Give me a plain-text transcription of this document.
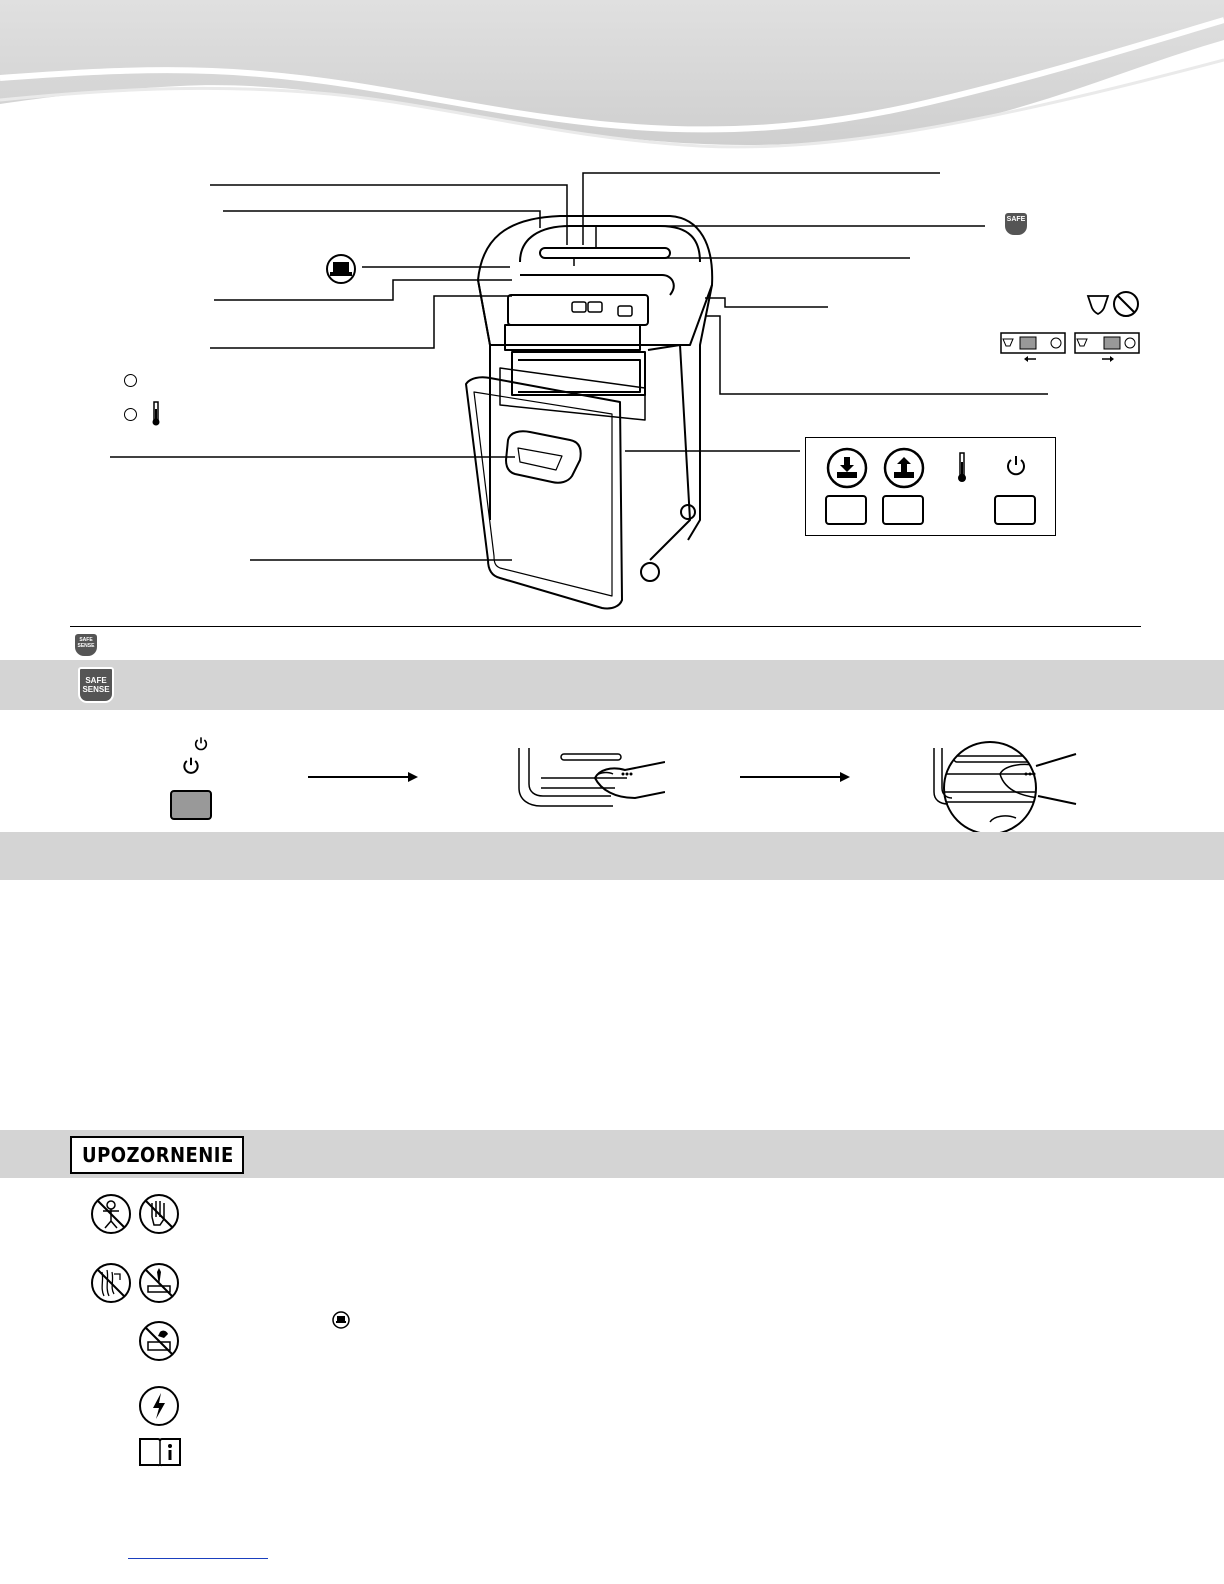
SAFE
SAFE SENSE
SAFE SENSE
UPOZORNENIE
